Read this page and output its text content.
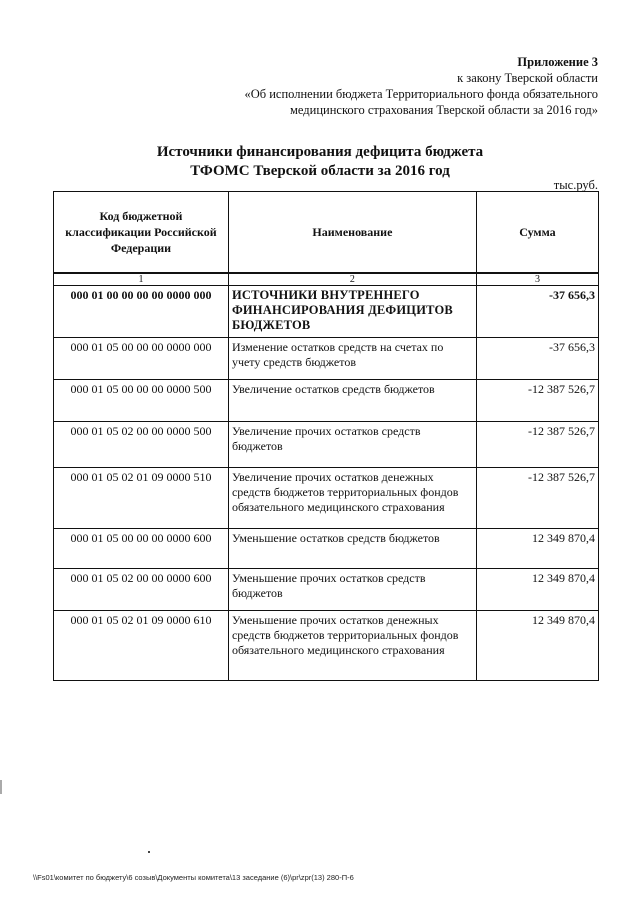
Приложение 3
к закону Тверской области
«Об исполнении бюджета Территориального фонда обязательного
медицинского страхования Тверской области за 2016 год»
Источники финансирования дефицита бюджета
ТФОМС Тверской области за 2016 год
тыс.руб.
Код бюджетной классификации Российской Федерации	Наименование	Сумма
1	2	3
000 01 00 00 00 00 0000 000	ИСТОЧНИКИ ВНУТРЕННЕГО ФИНАНСИРОВАНИЯ ДЕФИЦИТОВ БЮДЖЕТОВ	-37 656,3
000 01 05 00 00 00 0000 000	Изменение остатков средств на счетах по учету средств бюджетов	-37 656,3
000 01 05 00 00 00 0000 500	Увеличение остатков средств бюджетов	-12 387 526,7
000 01 05 02 00 00 0000 500	Увеличение прочих остатков средств бюджетов	-12 387 526,7
000 01 05 02 01 09 0000 510	Увеличение прочих остатков денежных средств бюджетов территориальных фондов обязательного медицинского страхования	-12 387 526,7
000 01 05 00 00 00 0000 600	Уменьшение остатков средств бюджетов	12 349 870,4
000 01 05 02 00 00 0000 600	Уменьшение прочих остатков средств бюджетов	12 349 870,4
000 01 05 02 01 09 0000 610	Уменьшение прочих остатков денежных средств бюджетов территориальных фондов обязательного медицинского страхования	12 349 870,4
\\Fs01\комитет по бюджету\6 созыв\Документы комитета\13 заседание (6)\pr\zpr(13) 280-П-6
